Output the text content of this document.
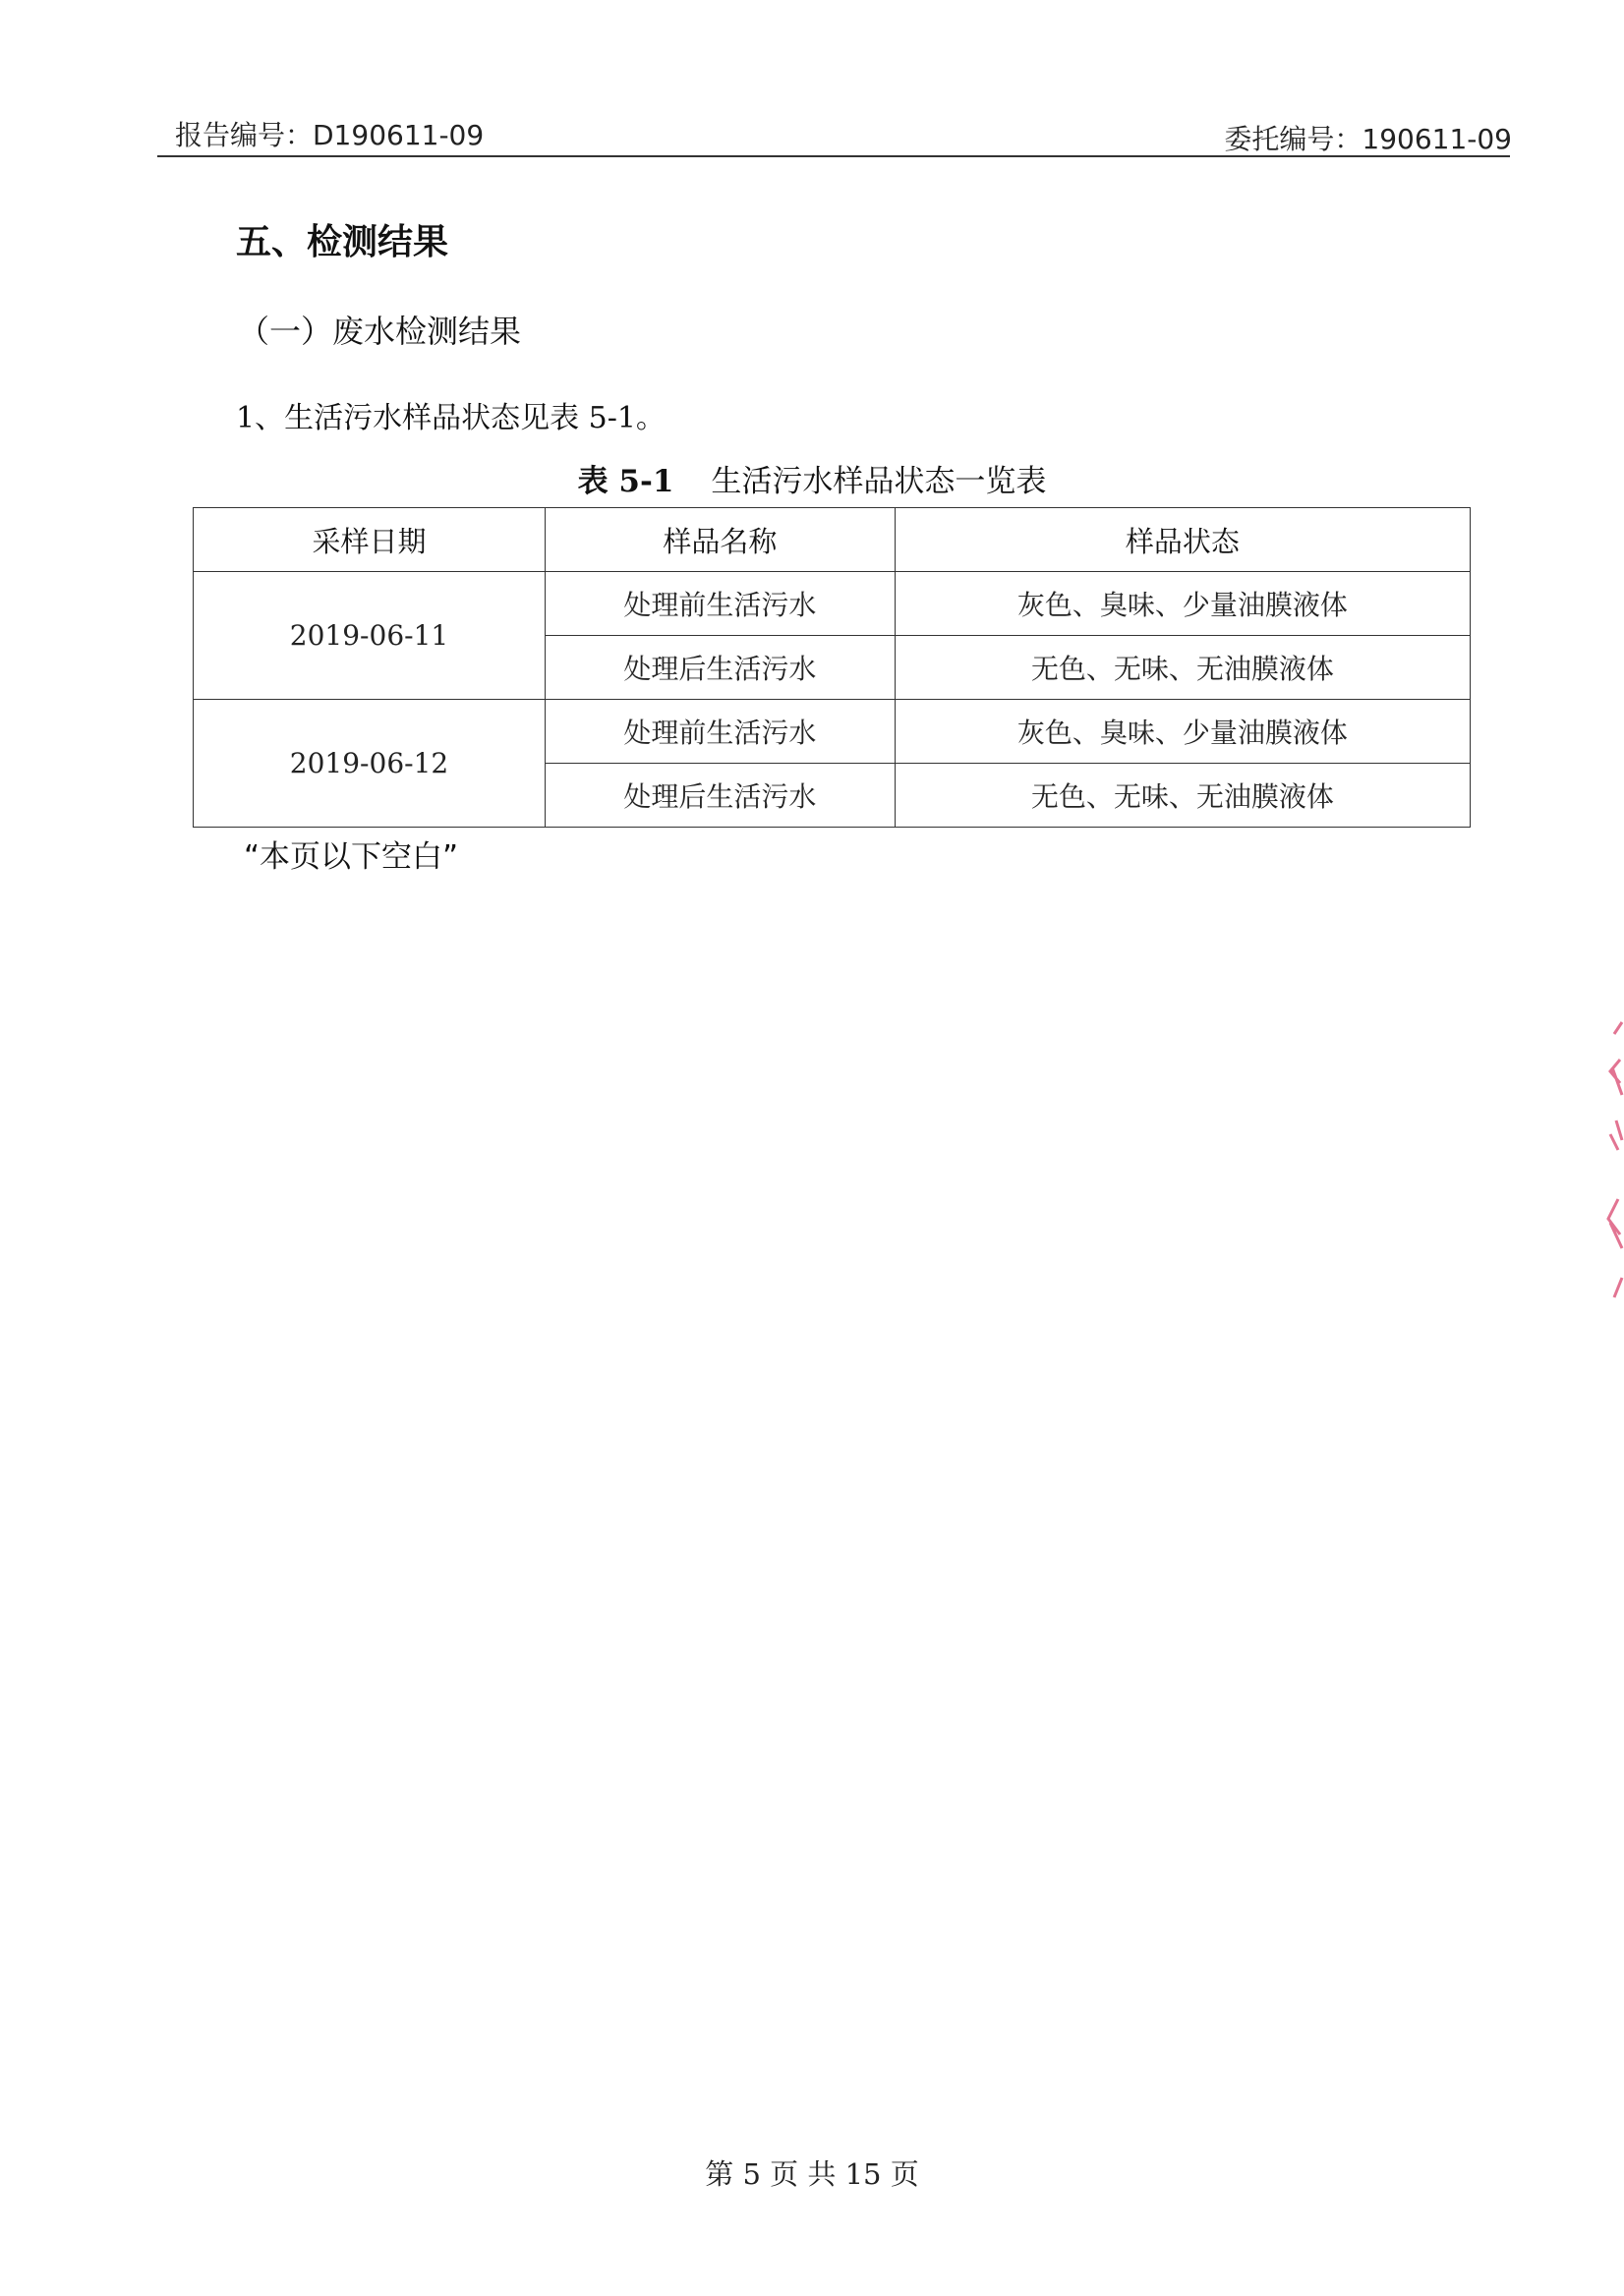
报告编号：D190611-09	委托编号：190611-09
五、检测结果
（一）废水检测结果
1、生活污水样品状态见表 5-1。
表 5-1 生活污水样品状态一览表
采样日期	样品名称	样品状态
2019-06-11	处理前生活污水	灰色、臭味、少量油膜液体
	处理后生活污水	无色、无味、无油膜液体
2019-06-12	处理前生活污水	灰色、臭味、少量油膜液体
	处理后生活污水	无色、无味、无油膜液体
“本页以下空白”
第 5 页 共 15 页
